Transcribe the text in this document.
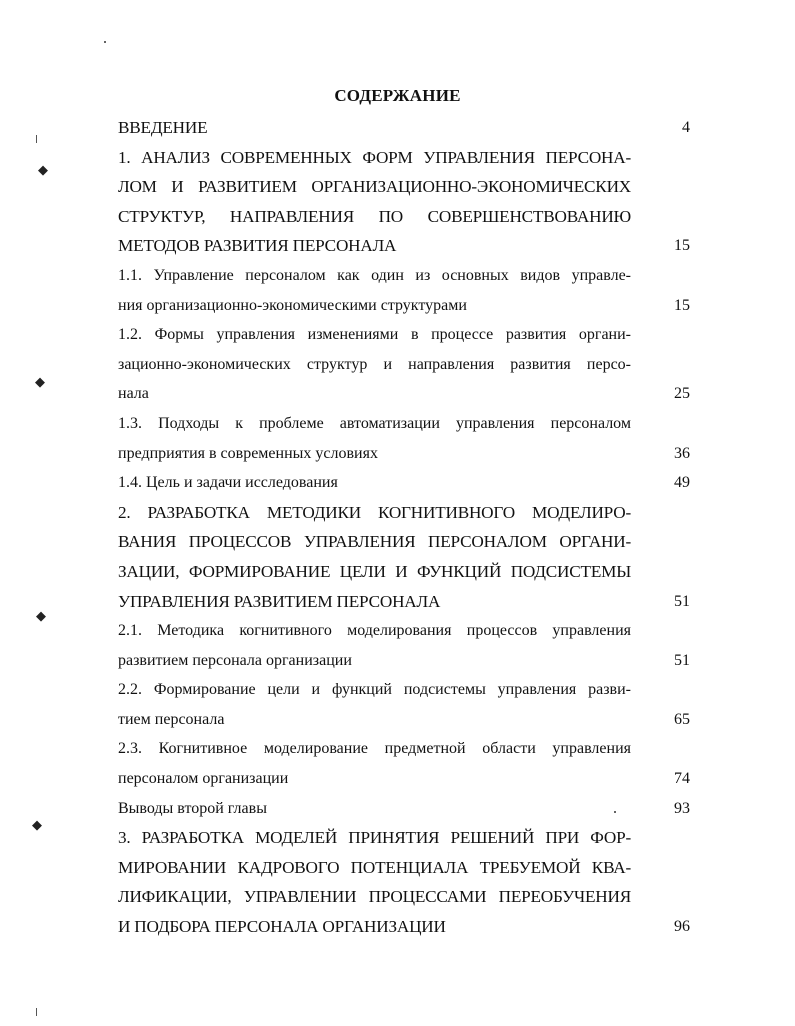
СОДЕРЖАНИЕ
ВВЕДЕНИЕ	4
1. АНАЛИЗ СОВРЕМЕННЫХ ФОРМ УПРАВЛЕНИЯ ПЕРСОНА-
ЛОМ И РАЗВИТИЕМ ОРГАНИЗАЦИОННО-ЭКОНОМИЧЕСКИХ
СТРУКТУР, НАПРАВЛЕНИЯ ПО СОВЕРШЕНСТВОВАНИЮ
МЕТОДОВ РАЗВИТИЯ ПЕРСОНАЛА	15
1.1. Управление персоналом как один из основных видов управле-
ния организационно-экономическими структурами	15
1.2. Формы управления изменениями в процессе развития органи-
зационно-экономических структур и направления развития персо-
нала	25
1.3. Подходы к проблеме автоматизации управления персоналом
предприятия в современных условиях	36
1.4. Цель и задачи исследования	49
2. РАЗРАБОТКА МЕТОДИКИ КОГНИТИВНОГО МОДЕЛИРО-
ВАНИЯ ПРОЦЕССОВ УПРАВЛЕНИЯ ПЕРСОНАЛОМ ОРГАНИ-
ЗАЦИИ, ФОРМИРОВАНИЕ ЦЕЛИ И ФУНКЦИЙ ПОДСИСТЕМЫ
УПРАВЛЕНИЯ РАЗВИТИЕМ ПЕРСОНАЛА	51
2.1. Методика когнитивного моделирования процессов управления
развитием персонала организации	51
2.2. Формирование цели и функций подсистемы управления разви-
тием персонала	65
2.3. Когнитивное моделирование предметной области управления
персоналом организации	74
Выводы второй главы	93
3. РАЗРАБОТКА МОДЕЛЕЙ ПРИНЯТИЯ РЕШЕНИЙ ПРИ ФОР-
МИРОВАНИИ КАДРОВОГО ПОТЕНЦИАЛА ТРЕБУЕМОЙ КВА-
ЛИФИКАЦИИ, УПРАВЛЕНИИ ПРОЦЕССАМИ ПЕРЕОБУЧЕНИЯ
И ПОДБОРА ПЕРСОНАЛА ОРГАНИЗАЦИИ	96
◆
◆
◆
◆
